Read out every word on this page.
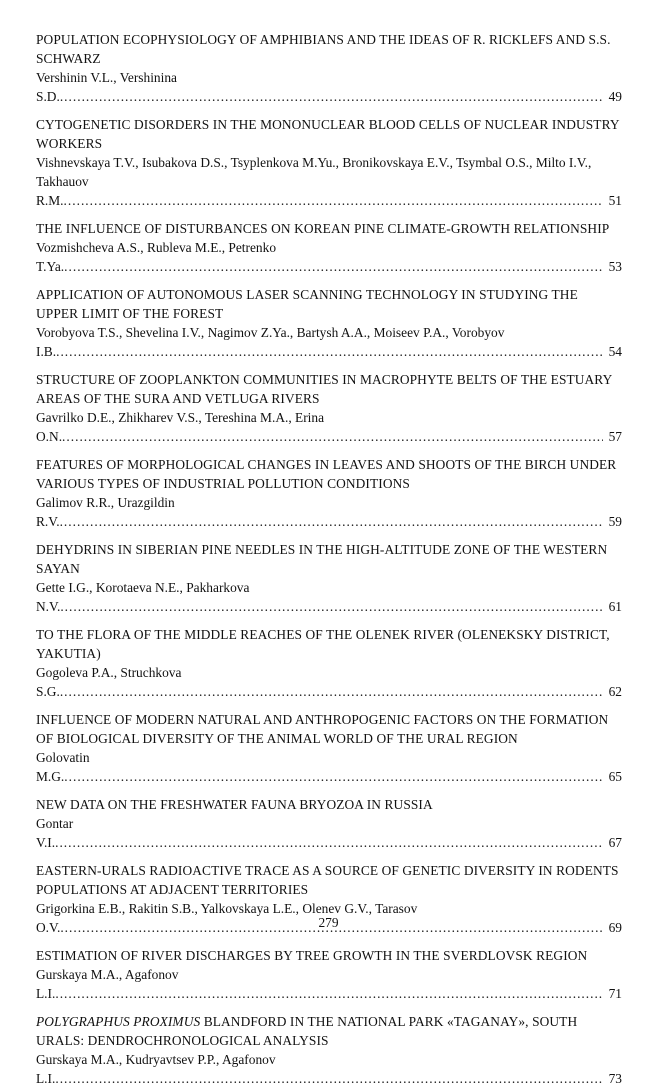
POPULATION ECOPHYSIOLOGY OF AMPHIBIANS AND THE IDEAS OF R. RICKLEFS AND S.S. SCHWARZ
Vershinin V.L., Vershinina S.D. .....	49
CYTOGENETIC DISORDERS IN THE MONONUCLEAR BLOOD CELLS OF NUCLEAR INDUSTRY WORKERS
Vishnevskaya T.V., Isubakova D.S., Tsyplenkova M.Yu., Bronikovskaya E.V., Tsymbal O.S., Milto I.V., Takhauov R.M. .....	51
THE INFLUENCE OF DISTURBANCES ON KOREAN PINE CLIMATE-GROWTH RELATIONSHIP
Vozmishcheva A.S., Rubleva M.E., Petrenko T.Ya. .....	53
APPLICATION OF AUTONOMOUS LASER SCANNING TECHNOLOGY IN STUDYING THE UPPER LIMIT OF THE FOREST
Vorobyova T.S., Shevelina I.V., Nagimov Z.Ya., Bartysh A.A., Moiseev P.A., Vorobyov I.B. .....	54
STRUCTURE OF ZOOPLANKTON COMMUNITIES IN MACROPHYTE BELTS OF THE ESTUARY AREAS OF THE SURA AND VETLUGA RIVERS
Gavrilko D.E., Zhikharev V.S., Tereshina M.A., Erina O.N. .....	57
FEATURES OF MORPHOLOGICAL CHANGES IN LEAVES AND SHOOTS OF THE BIRCH UNDER VARIOUS TYPES OF INDUSTRIAL POLLUTION CONDITIONS
Galimov R.R., Urazgildin R.V. .....	59
DEHYDRINS IN SIBERIAN PINE NEEDLES IN THE HIGH-ALTITUDE ZONE OF THE WESTERN SAYAN
Gette I.G., Korotaeva N.E., Pakharkova N.V. .....	61
TO THE FLORA OF THE MIDDLE REACHES OF THE OLENEK RIVER (OLENEKSKY DISTRICT, YAKUTIA)
Gogoleva P.A., Struchkova S.G. .....	62
INFLUENCE OF MODERN NATURAL AND ANTHROPOGENIC FACTORS ON THE FORMATION OF BIOLOGICAL DIVERSITY OF THE ANIMAL WORLD OF THE URAL REGION
Golovatin M.G. .....	65
NEW DATA ON THE FRESHWATER FAUNA BRYOZOA IN RUSSIA
Gontar V.I. .....	67
EASTERN-URALS RADIOACTIVE TRACE AS A SOURCE OF GENETIC DIVERSITY IN RODENTS POPULATIONS AT ADJACENT TERRITORIES
Grigorkina E.B., Rakitin S.B., Yalkovskaya L.E., Olenev G.V., Tarasov O.V. .....	69
ESTIMATION OF RIVER DISCHARGES BY TREE GROWTH IN THE SVERDLOVSK REGION
Gurskaya M.A., Agafonov L.I. .....	71
POLYGRAPHUS PROXIMUS BLANDFORD IN THE NATIONAL PARK «TAGANAY», SOUTH URALS: DENDROCHRONOLOGICAL ANALYSIS
Gurskaya M.A., Kudryavtsev P.P., Agafonov L.I. .....	73
279
